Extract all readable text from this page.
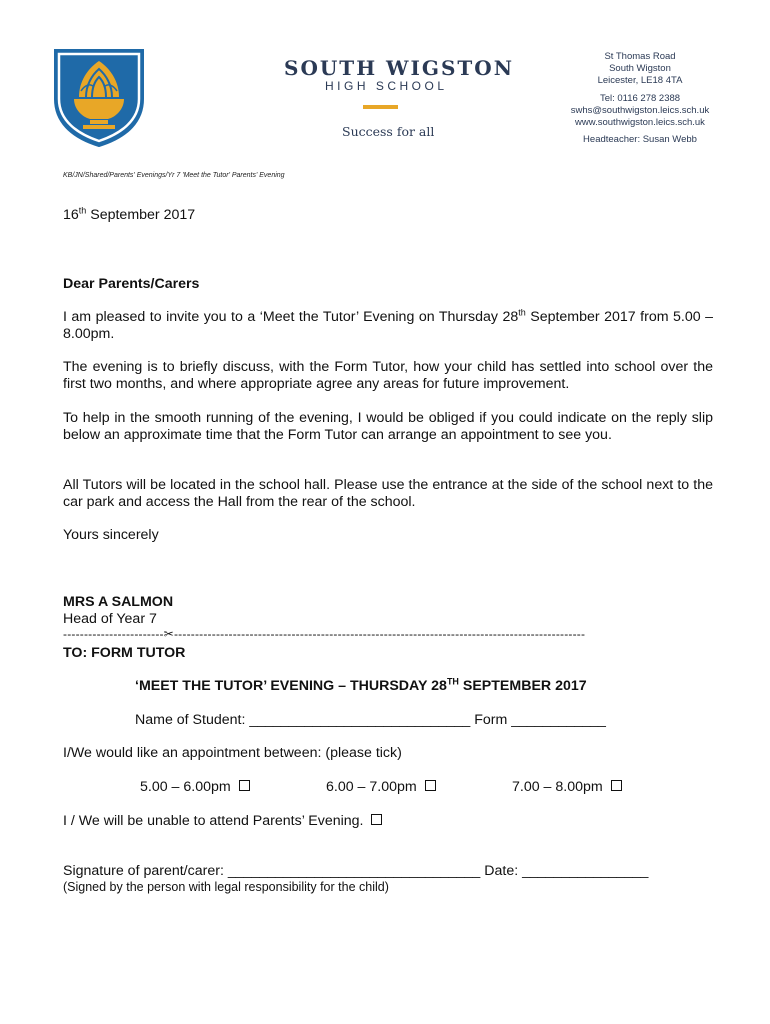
SOUTH WIGSTON
HIGH SCHOOL
Success for all
St Thomas Road
South Wigston
Leicester, LE18 4TA
Tel: 0116 278 2388
swhs@southwigston.leics.sch.uk
www.southwigston.leics.sch.uk
Headteacher: Susan Webb
KB/JN/Shared/Parents' Evenings/Yr 7 'Meet the Tutor' Parents' Evening
16th September 2017
Dear Parents/Carers
I am pleased to invite you to a ‘Meet the Tutor’ Evening on Thursday 28th September 2017 from 5.00 – 8.00pm.
The evening is to briefly discuss, with the Form Tutor, how your child has settled into school over the first two months, and where appropriate agree any areas for future improvement.
To help in the smooth running of the evening, I would be obliged if you could indicate on the reply slip below an approximate time that the Form Tutor can arrange an appointment to see you.
All Tutors will be located in the school hall. Please use the entrance at the side of the school next to the car park and access the Hall from the rear of the school.
Yours sincerely
MRS A SALMON
Head of Year 7
------------------------✂--------------------------------------------------------------------------------------------------
TO: FORM TUTOR
‘MEET THE TUTOR’ EVENING – THURSDAY 28TH SEPTEMBER 2017
Name of Student: ____________________________ Form ____________
I/We would like an appointment between: (please tick)
5.00 – 6.00pm	6.00 – 7.00pm	7.00 – 8.00pm
I / We will be unable to attend Parents’ Evening.
Signature of parent/carer: ________________________________ Date: ________________
(Signed by the person with legal responsibility for the child)
